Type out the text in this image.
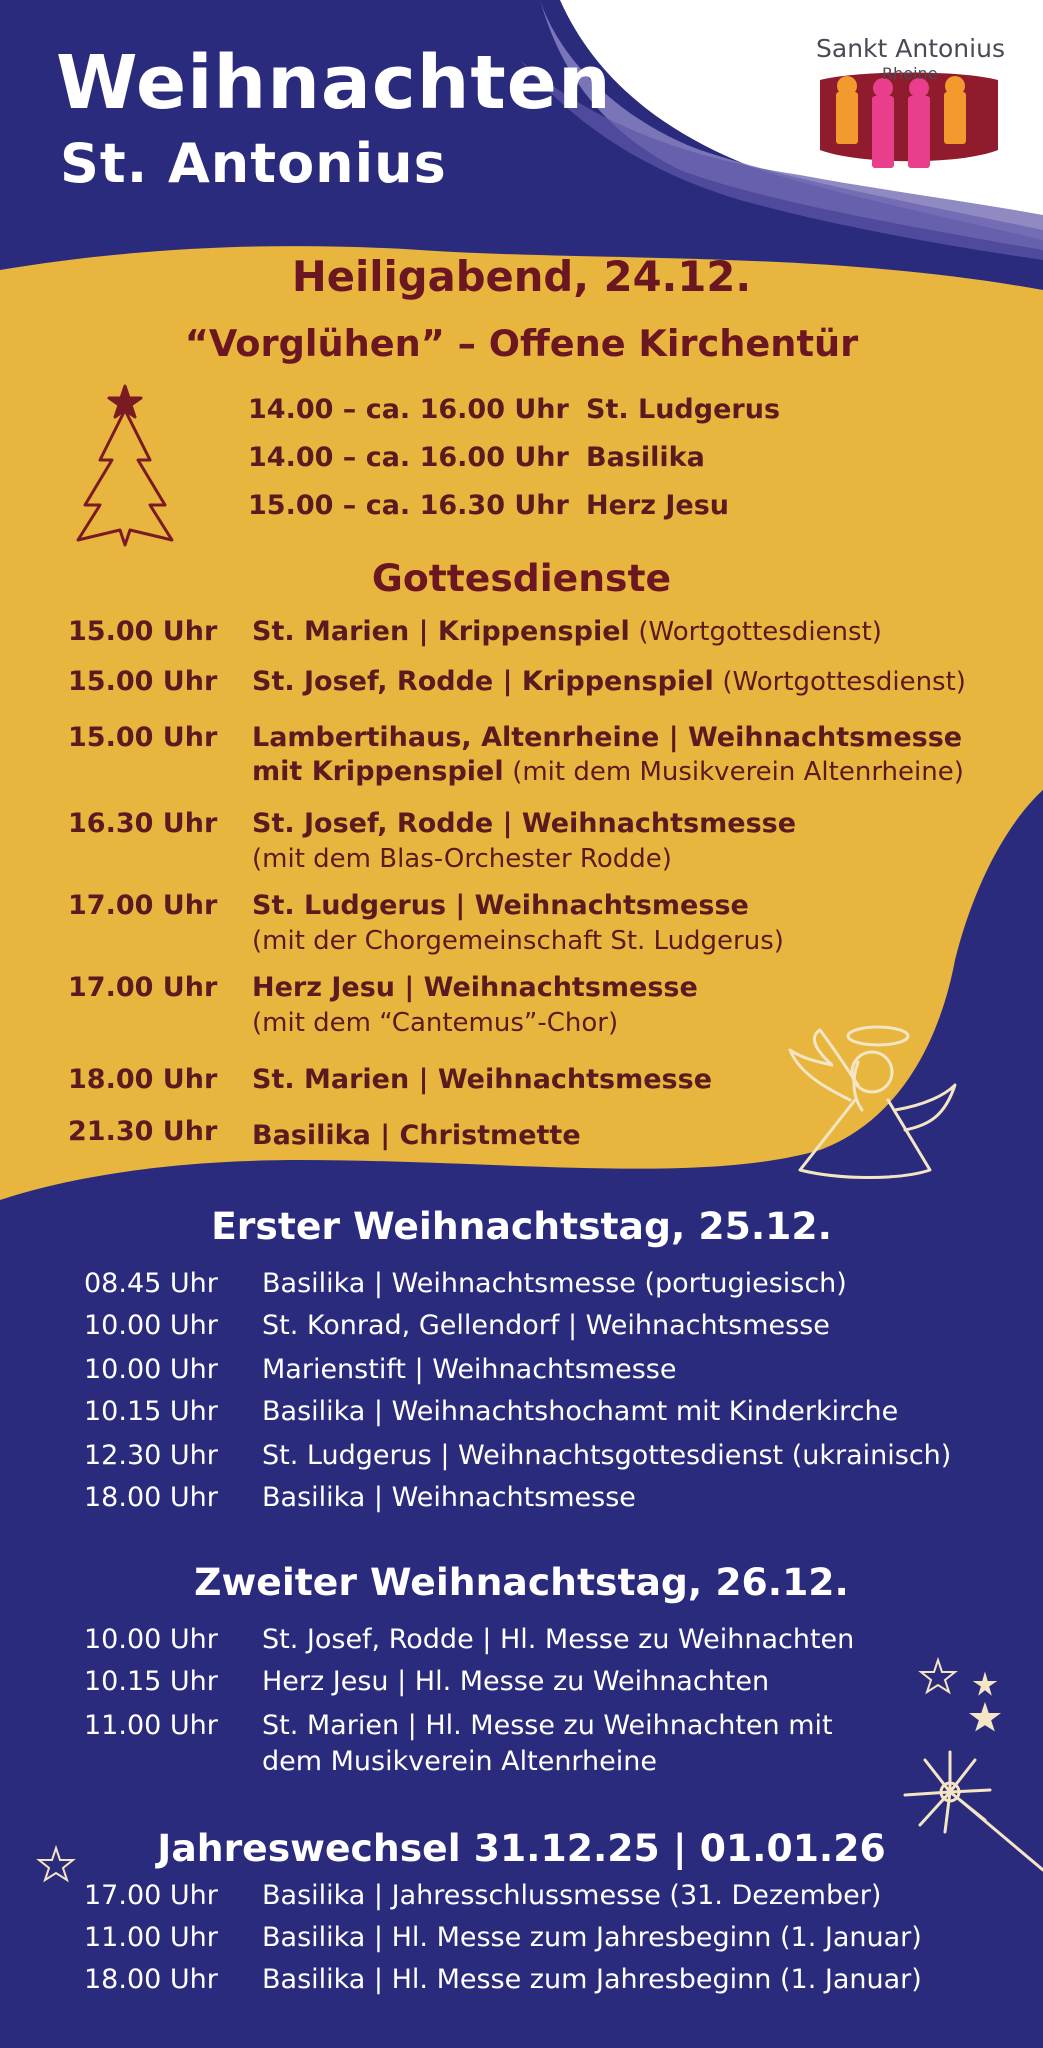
Weihnachten
St. Antonius
Sankt Antonius
Rheine
Heiligabend, 24.12.
“Vorglühen” – Offene Kirchentür
14.00 – ca. 16.00 Uhr St. Ludgerus
14.00 – ca. 16.00 Uhr Basilika
15.00 – ca. 16.30 Uhr Herz Jesu
Gottesdienste
15.00 Uhr St. Marien | Krippenspiel (Wortgottesdienst)
15.00 Uhr St. Josef, Rodde | Krippenspiel (Wortgottesdienst)
15.00 Uhr Lambertihaus, Altenrheine | Weihnachtsmesse
mit Krippenspiel (mit dem Musikverein Altenrheine)
16.30 Uhr St. Josef, Rodde | Weihnachtsmesse
(mit dem Blas-Orchester Rodde)
17.00 Uhr St. Ludgerus | Weihnachtsmesse
(mit der Chorgemeinschaft St. Ludgerus)
17.00 Uhr Herz Jesu | Weihnachtsmesse
(mit dem “Cantemus”-Chor)
18.00 Uhr St. Marien | Weihnachtsmesse
21.30 Uhr Basilika | Christmette
Erster Weihnachtstag, 25.12.
08.45 Uhr Basilika | Weihnachtsmesse (portugiesisch)
10.00 Uhr St. Konrad, Gellendorf | Weihnachtsmesse
10.00 Uhr Marienstift | Weihnachtsmesse
10.15 Uhr Basilika | Weihnachtshochamt mit Kinderkirche
12.30 Uhr St. Ludgerus | Weihnachtsgottesdienst (ukrainisch)
18.00 Uhr Basilika | Weihnachtsmesse
Zweiter Weihnachtstag, 26.12.
10.00 Uhr St. Josef, Rodde | Hl. Messe zu Weihnachten
10.15 Uhr Herz Jesu | Hl. Messe zu Weihnachten
11.00 Uhr St. Marien | Hl. Messe zu Weihnachten mit
dem Musikverein Altenrheine
Jahreswechsel 31.12.25 | 01.01.26
17.00 Uhr Basilika | Jahresschlussmesse (31. Dezember)
11.00 Uhr Basilika | Hl. Messe zum Jahresbeginn (1. Januar)
18.00 Uhr Basilika | Hl. Messe zum Jahresbeginn (1. Januar)
